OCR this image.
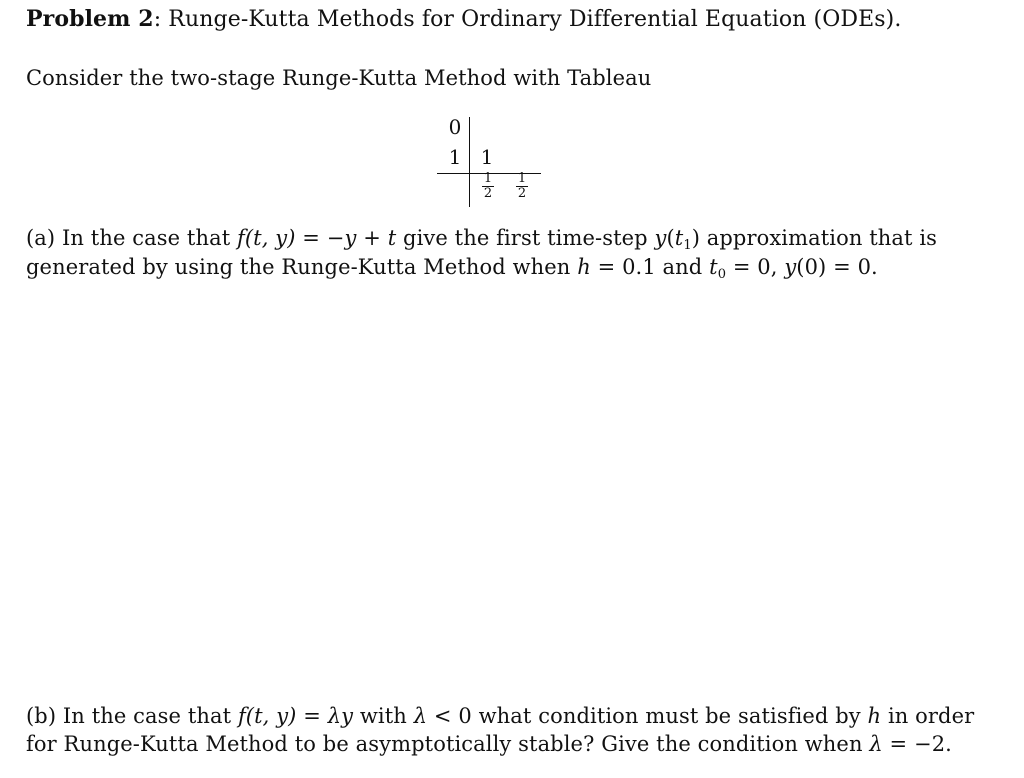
Problem 2: Runge-Kutta Methods for Ordinary Differential Equation (ODEs).
Consider the two-stage Runge-Kutta Method with Tableau
0
1 1
1
2
1
2
(a) In the case that f(t, y) = −y + t give the first time-step $y(t_1)$ approximation that is
generated by using the Runge-Kutta Method when h = 0.1 and $t_0 = 0$, y(0) = 0.
(b) In the case that f(t, y) = λy with λ < 0 what condition must be satisfied by h in order
for Runge-Kutta Method to be asymptotically stable? Give the condition when λ = −2.
